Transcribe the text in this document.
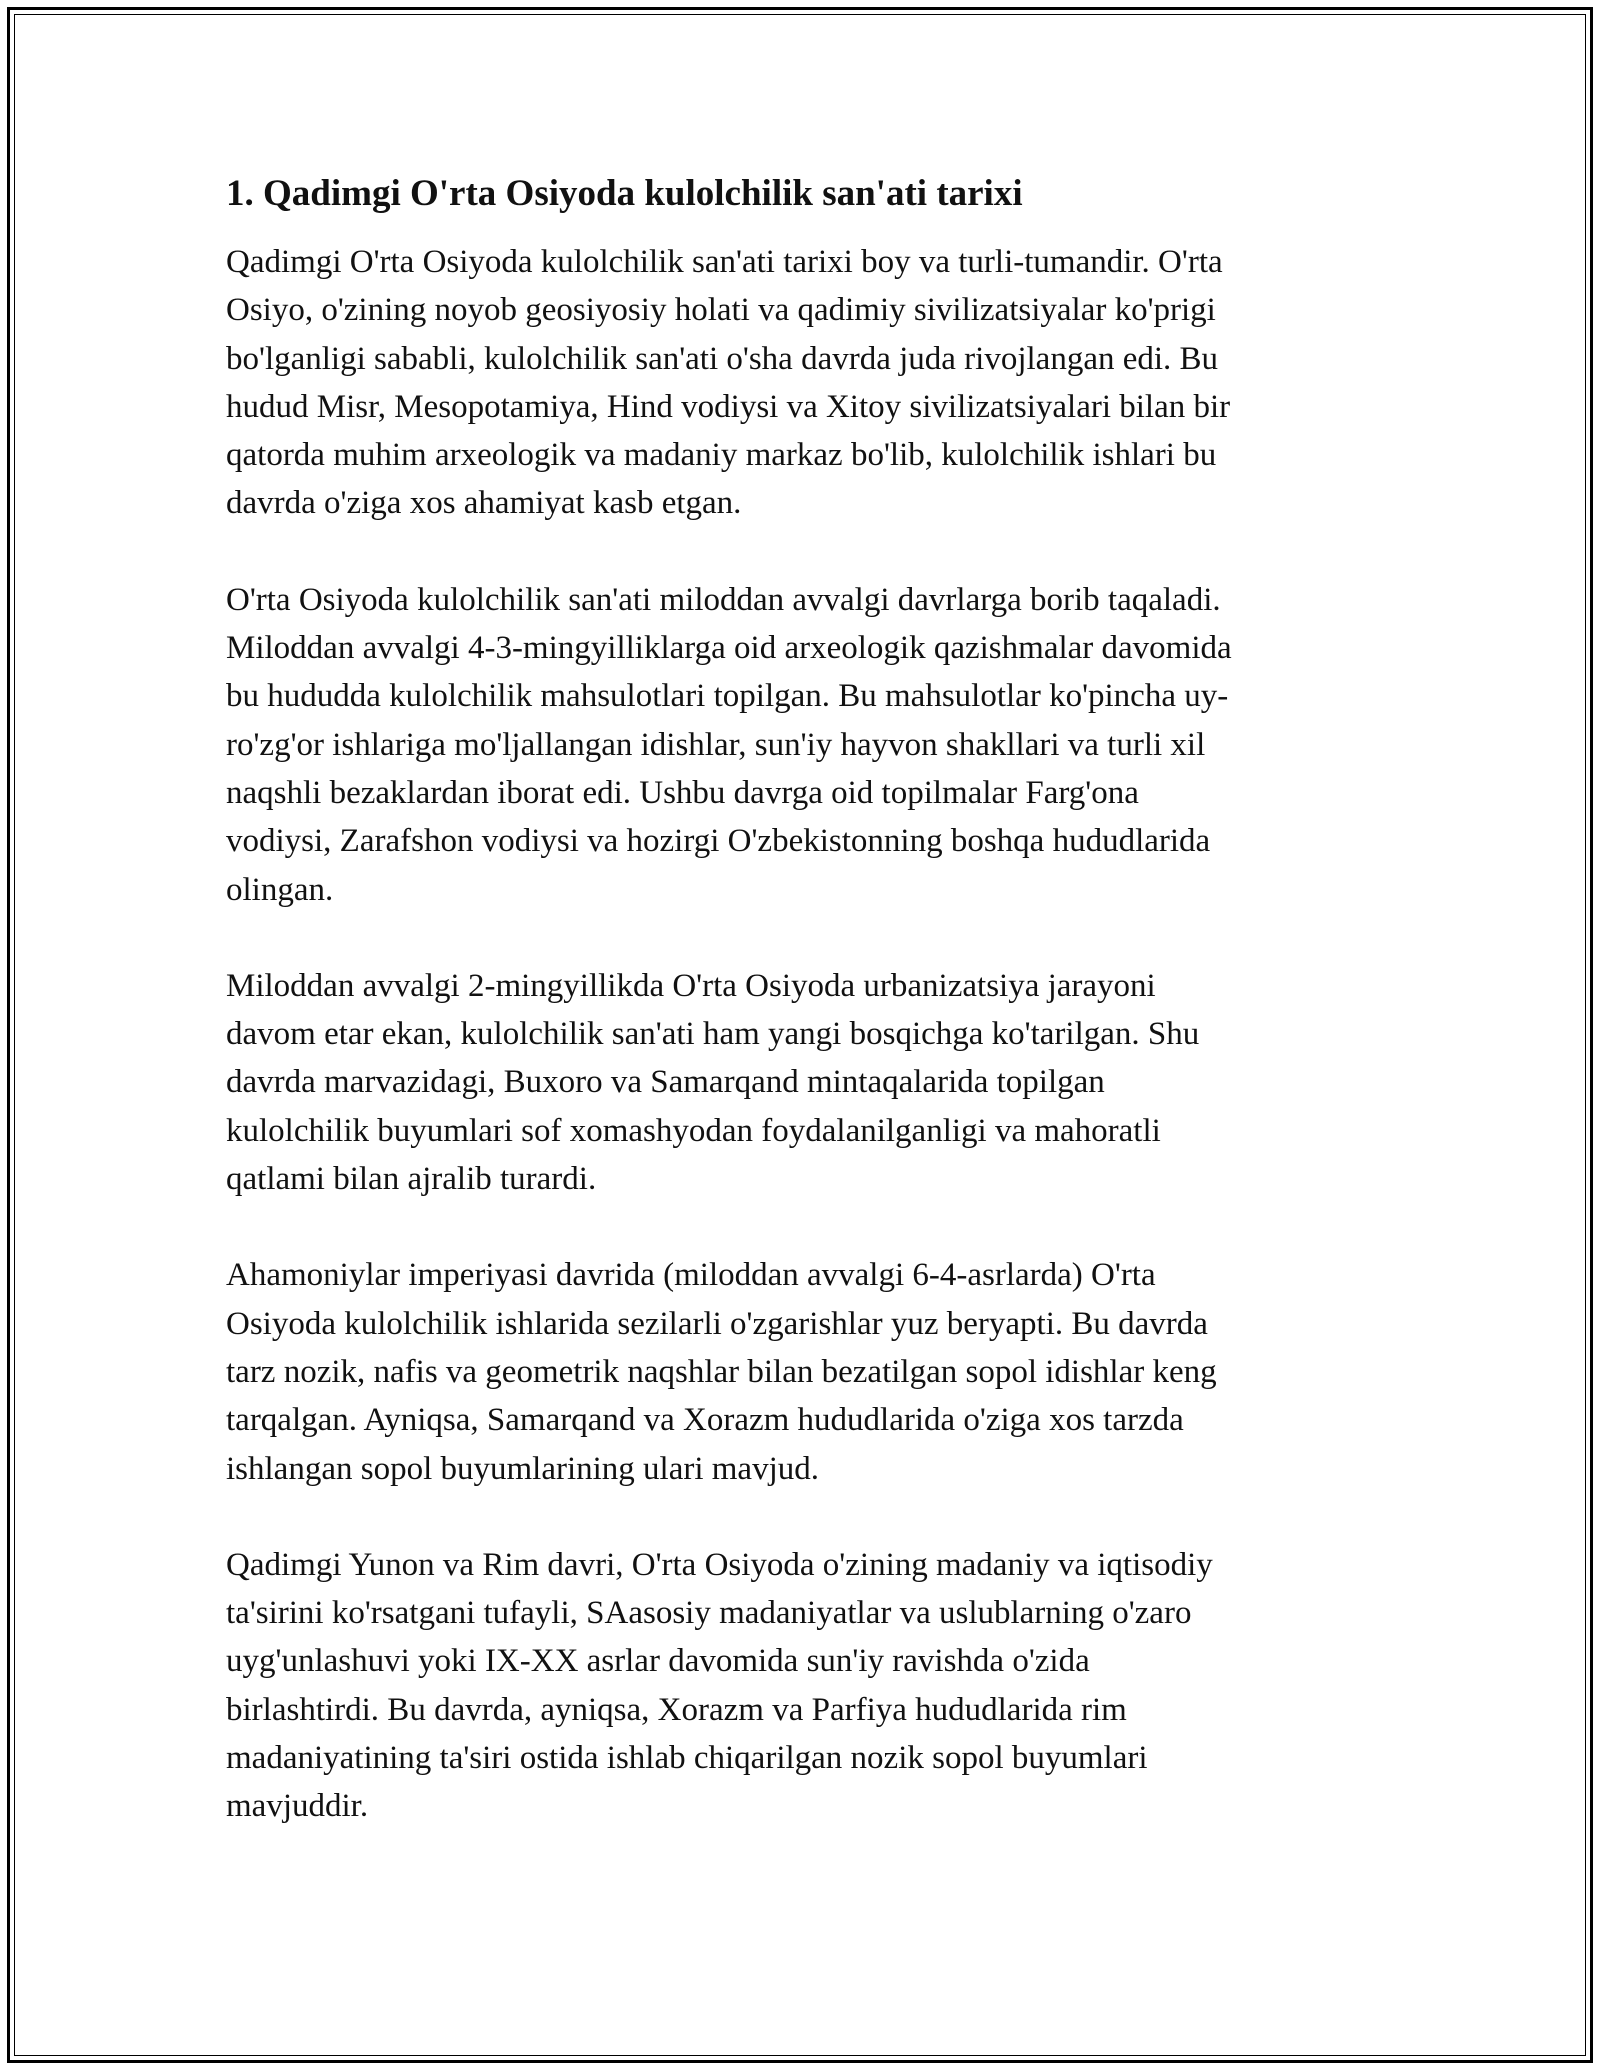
1. Qadimgi O'rta Osiyoda kulolchilik san'ati tarixi
Qadimgi O'rta Osiyoda kulolchilik san'ati tarixi boy va turli-tumandir. O'rta
Osiyo, o'zining noyob geosiyosiy holati va qadimiy sivilizatsiyalar ko'prigi
bo'lganligi sababli, kulolchilik san'ati o'sha davrda juda rivojlangan edi. Bu
hudud Misr, Mesopotamiya, Hind vodiysi va Xitoy sivilizatsiyalari bilan bir
qatorda muhim arxeologik va madaniy markaz bo'lib, kulolchilik ishlari bu
davrda o'ziga xos ahamiyat kasb etgan.
O'rta Osiyoda kulolchilik san'ati miloddan avvalgi davrlarga borib taqaladi.
Miloddan avvalgi 4-3-mingyilliklarga oid arxeologik qazishmalar davomida
bu hududda kulolchilik mahsulotlari topilgan. Bu mahsulotlar ko'pincha uy-
ro'zg'or ishlariga mo'ljallangan idishlar, sun'iy hayvon shakllari va turli xil
naqshli bezaklardan iborat edi. Ushbu davrga oid topilmalar Farg'ona
vodiysi, Zarafshon vodiysi va hozirgi O'zbekistonning boshqa hududlarida
olingan.
Miloddan avvalgi 2-mingyillikda O'rta Osiyoda urbanizatsiya jarayoni
davom etar ekan, kulolchilik san'ati ham yangi bosqichga ko'tarilgan. Shu
davrda marvazidagi, Buxoro va Samarqand mintaqalarida topilgan
kulolchilik buyumlari sof xomashyodan foydalanilganligi va mahoratli
qatlami bilan ajralib turardi.
Ahamoniylar imperiyasi davrida (miloddan avvalgi 6-4-asrlarda) O'rta
Osiyoda kulolchilik ishlarida sezilarli o'zgarishlar yuz beryapti. Bu davrda
tarz nozik, nafis va geometrik naqshlar bilan bezatilgan sopol idishlar keng
tarqalgan. Ayniqsa, Samarqand va Xorazm hududlarida o'ziga xos tarzda
ishlangan sopol buyumlarining ulari mavjud.
Qadimgi Yunon va Rim davri, O'rta Osiyoda o'zining madaniy va iqtisodiy
ta'sirini ko'rsatgani tufayli, SAasosiy madaniyatlar va uslublarning o'zaro
uyg'unlashuvi yoki IX-XX asrlar davomida sun'iy ravishda o'zida
birlashtirdi. Bu davrda, ayniqsa, Xorazm va Parfiya hududlarida rim
madaniyatining ta'siri ostida ishlab chiqarilgan nozik sopol buyumlari
mavjuddir.
